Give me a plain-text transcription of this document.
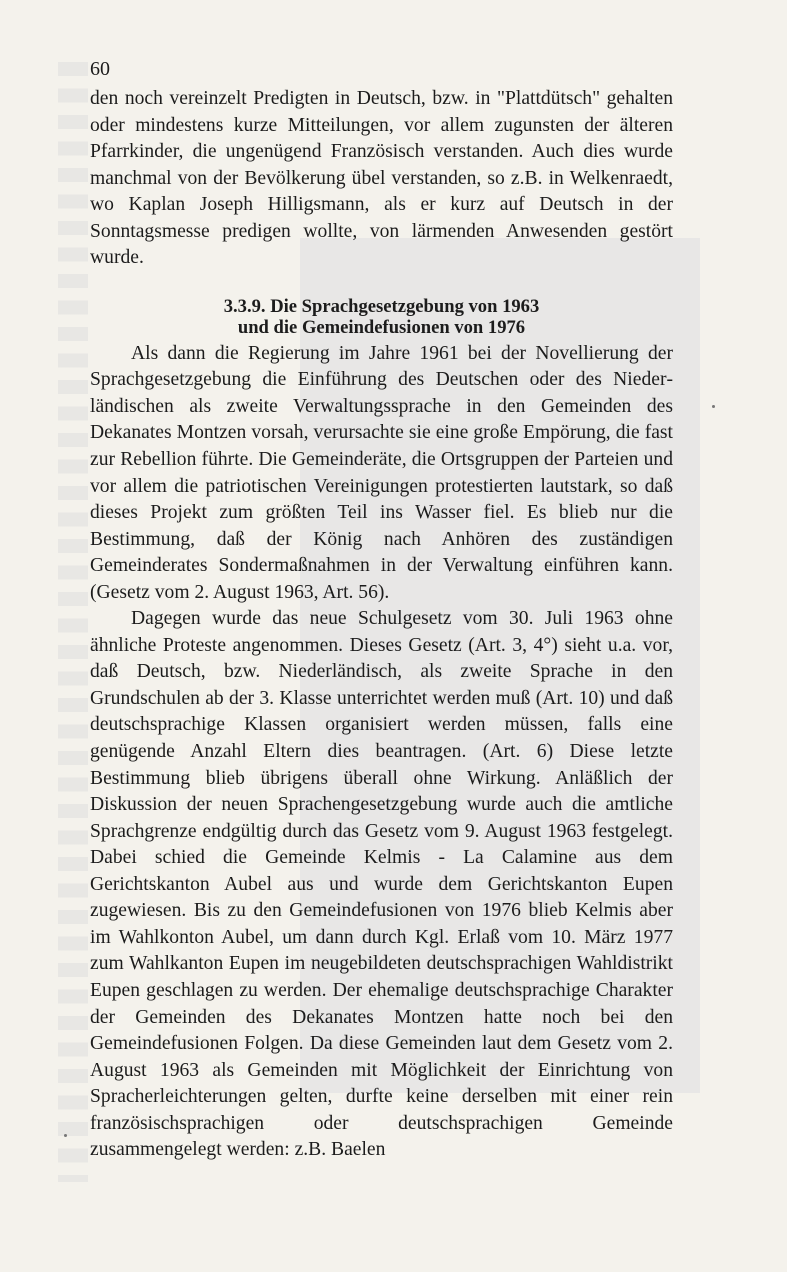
60

den noch vereinzelt Predigten in Deutsch, bzw. in "Plattdütsch" gehalten oder mindestens kurze Mitteilungen, vor allem zugunsten der älteren Pfarrkinder, die ungenügend Französisch verstanden. Auch dies wurde manchmal von der Bevölkerung übel verstanden, so z.B. in Welkenraedt, wo Kaplan Joseph Hilligsmann, als er kurz auf Deutsch in der Sonntagsmesse predigen wollte, von lärmenden Anwesenden gestört wurde.

3.3.9. Die Sprachgesetzgebung von 1963
und die Gemeindefusionen von 1976

Als dann die Regierung im Jahre 1961 bei der Novellierung der Sprachgesetzgebung die Einführung des Deutschen oder des Niederländischen als zweite Verwaltungssprache in den Gemeinden des Dekanates Montzen vorsah, verursachte sie eine große Empörung, die fast zur Rebellion führte. Die Gemeinderäte, die Ortsgruppen der Parteien und vor allem die patriotischen Vereinigungen protestierten lautstark, so daß dieses Projekt zum größten Teil ins Wasser fiel. Es blieb nur die Bestimmung, daß der König nach Anhören des zuständigen Gemeinderates Sondermaßnahmen in der Verwaltung einführen kann. (Gesetz vom 2. August 1963, Art. 56).

Dagegen wurde das neue Schulgesetz vom 30. Juli 1963 ohne ähnliche Proteste angenommen. Dieses Gesetz (Art. 3, 4°) sieht u.a. vor, daß Deutsch, bzw. Niederländisch, als zweite Sprache in den Grundschulen ab der 3. Klasse unterrichtet werden muß (Art. 10) und daß deutschsprachige Klassen organisiert werden müssen, falls eine genügende Anzahl Eltern dies beantragen. (Art. 6) Diese letzte Bestimmung blieb übrigens überall ohne Wirkung. Anläßlich der Diskussion der neuen Sprachengesetzgebung wurde auch die amtliche Sprachgrenze endgültig durch das Gesetz vom 9. August 1963 festgelegt. Dabei schied die Gemeinde Kelmis - La Calamine aus dem Gerichtskanton Aubel aus und wurde dem Gerichtskanton Eupen zugewiesen. Bis zu den Gemeindefusionen von 1976 blieb Kelmis aber im Wahlkonton Aubel, um dann durch Kgl. Erlaß vom 10. März 1977 zum Wahlkanton Eupen im neugebildeten deutschsprachigen Wahldistrikt Eupen geschlagen zu werden. Der ehemalige deutschsprachige Charakter der Gemeinden des Dekanates Montzen hatte noch bei den Gemeindefusionen Folgen. Da diese Gemeinden laut dem Gesetz vom 2. August 1963 als Gemeinden mit Möglichkeit der Einrichtung von Spracherleichterungen gelten, durfte keine derselben mit einer rein französischsprachigen oder deutschsprachigen Gemeinde zusammengelegt werden: z.B. Baelen
